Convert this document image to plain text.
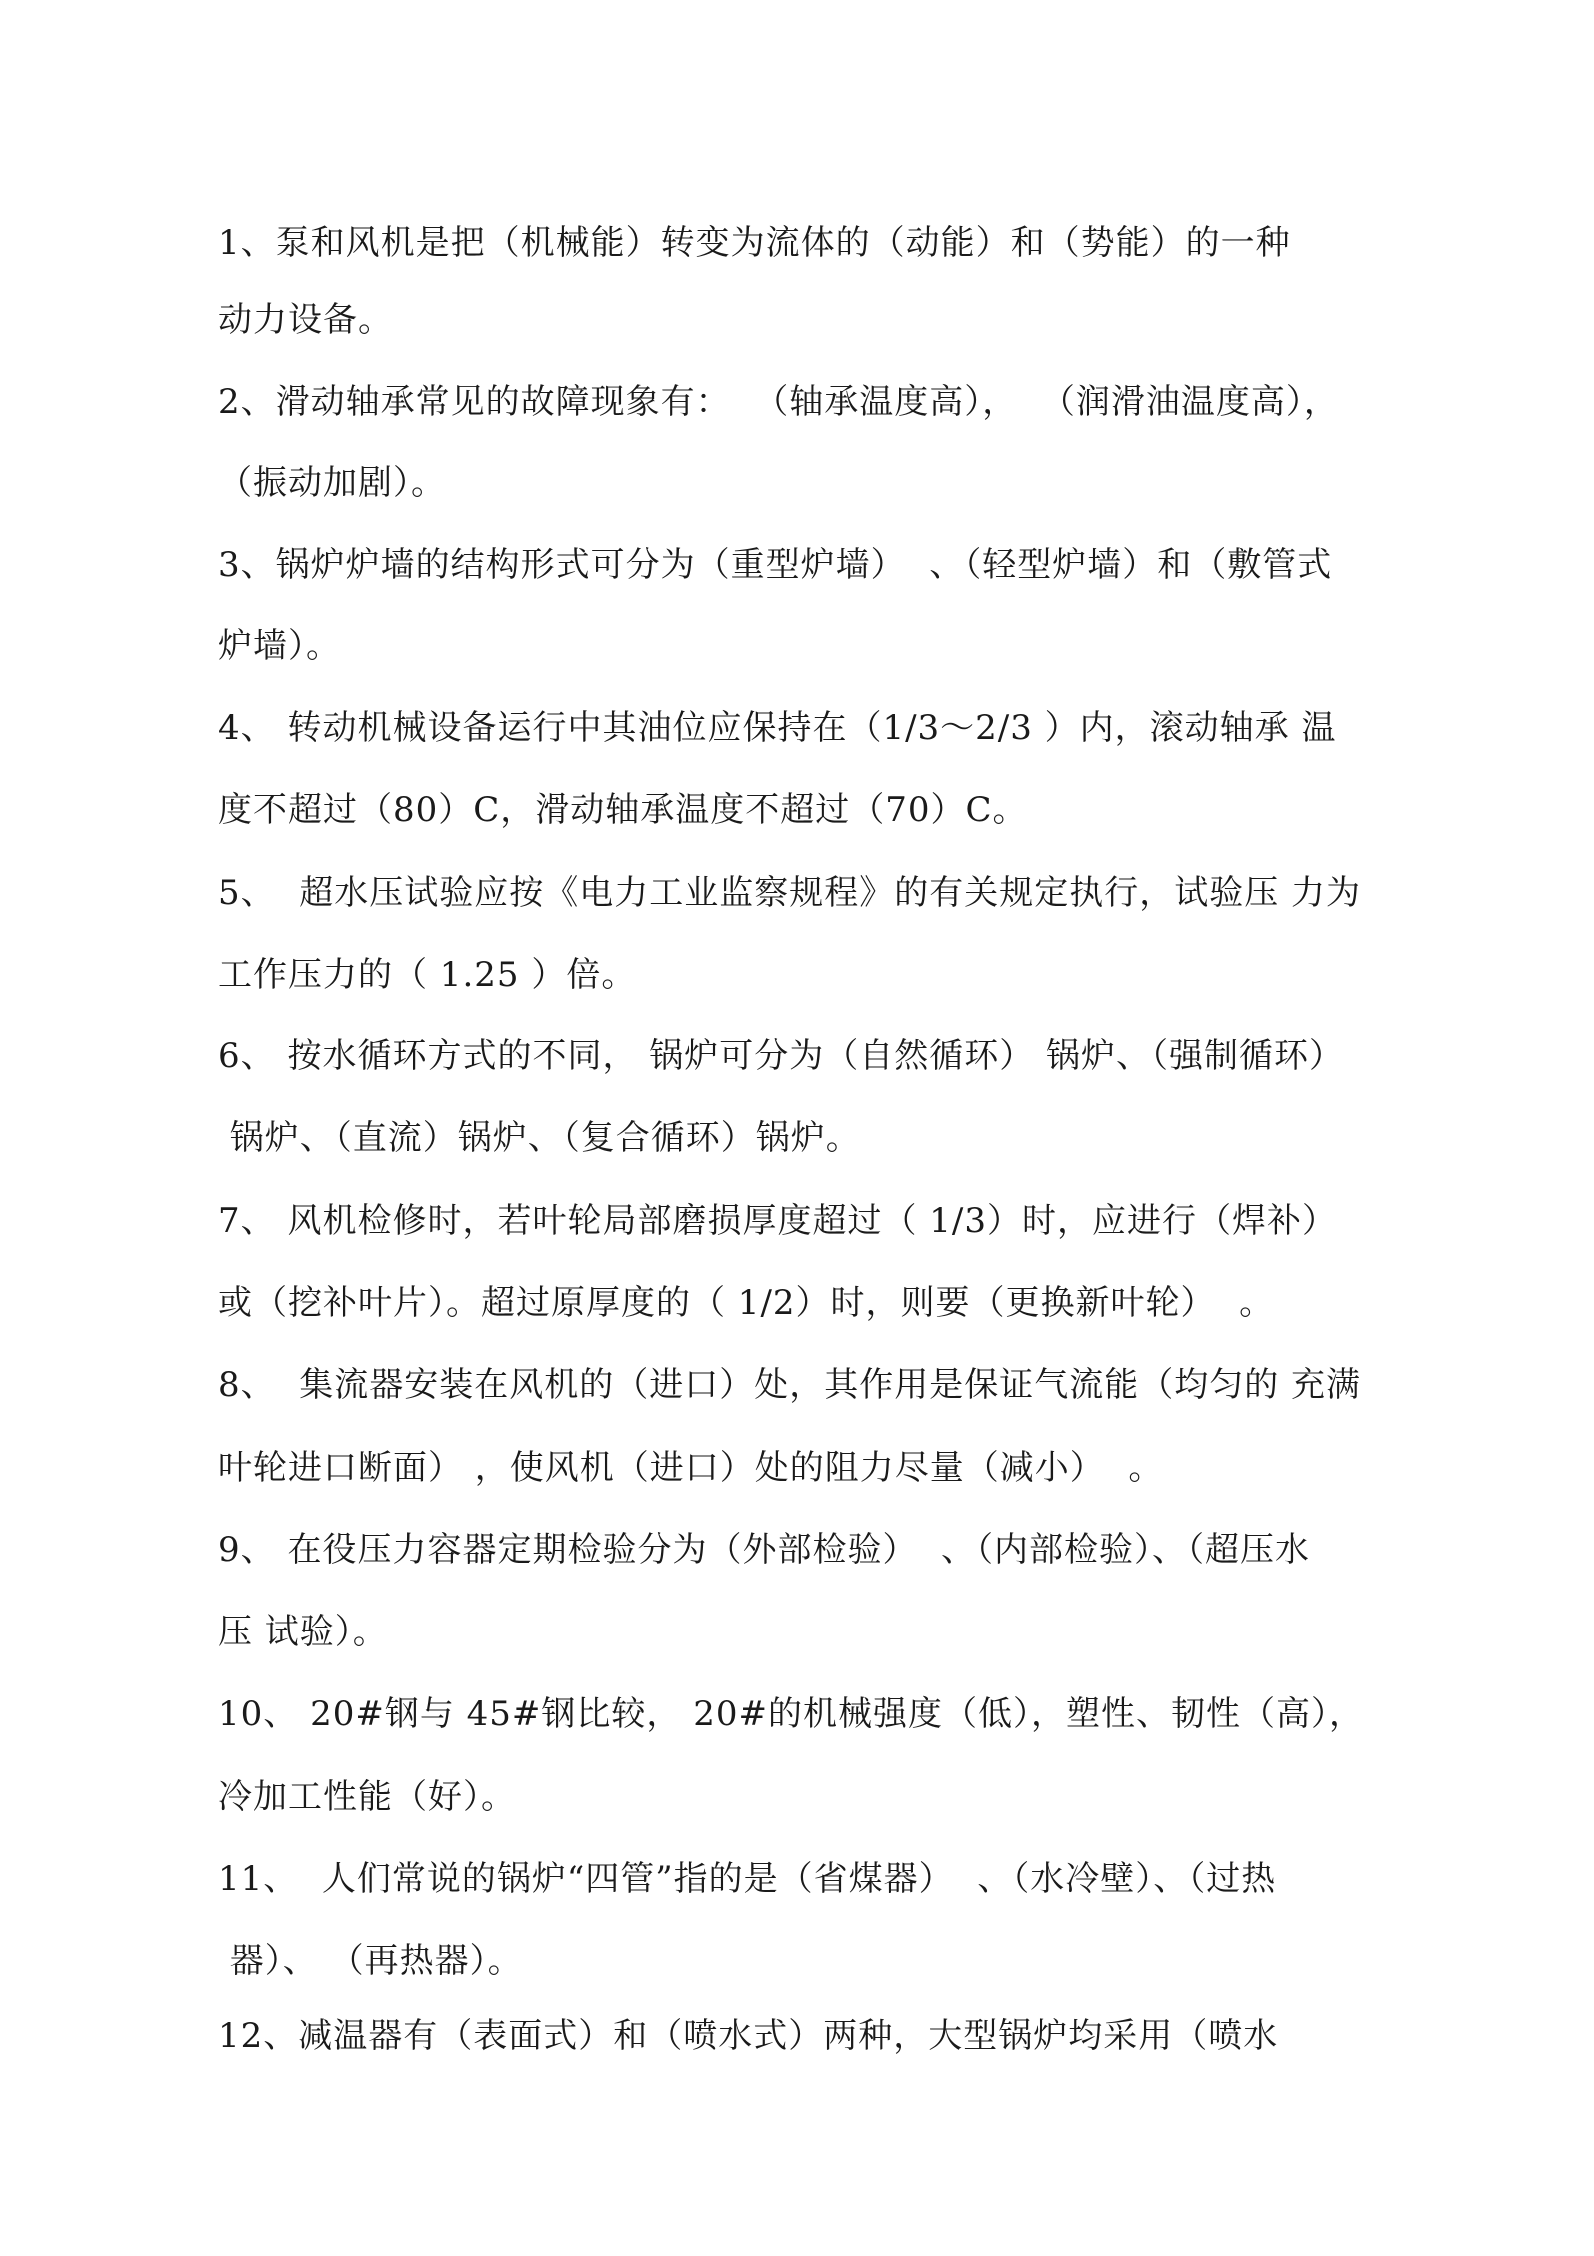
1、泵和风机是把（机械能）转变为流体的（动能）和（势能）的一种
动力设备。
2、滑动轴承常见的故障现象有：  （轴承温度高），  （润滑油温度高），
（振动加剧）。
3、锅炉炉墙的结构形式可分为（重型炉墙）  、（轻型炉墙）和（敷管式
炉墙）。
4、 转动机械设备运行中其油位应保持在（1/3～2/3 ）内，滚动轴承 温
度不超过（80）C，滑动轴承温度不超过（70）C。
5、  超水压试验应按《电力工业监察规程》的有关规定执行，试验压 力为
工作压力的（ 1.25 ）倍。
6、 按水循环方式的不同， 锅炉可分为（自然循环） 锅炉、（强制循环）
锅炉、（直流）锅炉、（复合循环）锅炉。
7、 风机检修时，若叶轮局部磨损厚度超过（ 1/3）时，应进行（焊补）
或（挖补叶片）。超过原厚度的（ 1/2）时，则要（更换新叶轮）  。
8、  集流器安装在风机的（进口）处，其作用是保证气流能（均匀的 充满
叶轮进口断面） ，使风机（进口）处的阻力尽量（减小）  。
9、 在役压力容器定期检验分为（外部检验）  、（内部检验）、（超压水
压 试验）。
10、 20#钢与 45#钢比较， 20#的机械强度（低），塑性、韧性（高），
冷加工性能（好）。
11、  人们常说的锅炉“四管”指的是（省煤器）  、（水冷壁）、（过热
器）、 （再热器）。
12、减温器有（表面式）和（喷水式）两种，大型锅炉均采用（喷水
